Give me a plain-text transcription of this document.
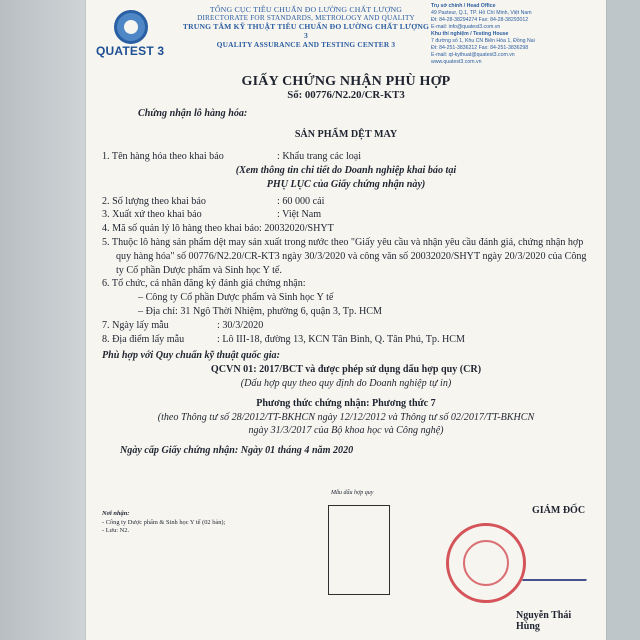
QUATEST 3
TỔNG CỤC TIÊU CHUẨN ĐO LƯỜNG CHẤT LƯỢNG
DIRECTORATE FOR STANDARDS, METROLOGY AND QUALITY
TRUNG TÂM KỸ THUẬT TIÊU CHUẨN ĐO LƯỜNG CHẤT LƯỢNG 3
QUALITY ASSURANCE AND TESTING CENTER 3
Trụ sở chính / Head Office
49 Pasteur, Q.1, TP. Hồ Chí Minh, Việt Nam
Đt: 84-28-38294274 Fax: 84-28-38293012
E-mail: info@quatest3.com.vn
Khu thí nghiệm / Testing House
7 đường số 1, Khu CN Biên Hòa 1, Đồng Nai
Đt: 84-251-3836212 Fax: 84-251-3836298
E-mail: qt-kythuat@quatest3.com.vn
www.quatest3.com.vn
GIẤY CHỨNG NHẬN PHÙ HỢP
Số: 00776/N2.20/CR-KT3
Chứng nhận lô hàng hóa:
SẢN PHẨM DỆT MAY
1. Tên hàng hóa theo khai báo	: Khẩu trang các loại
(Xem thông tin chi tiết do Doanh nghiệp khai báo tại
PHỤ LỤC của Giấy chứng nhận này)
2. Số lượng theo khai báo	: 60 000 cái
3. Xuất xứ theo khai báo	: Việt Nam
4. Mã số quản lý lô hàng theo khai báo: 20032020/SHYT
5. Thuộc lô hàng sản phẩm dệt may sản xuất trong nước theo "Giấy yêu cầu và nhận yêu cầu đánh giá, chứng nhận hợp quy hàng hóa" số 00776/N2.20/CR-KT3 ngày 30/3/2020 và công văn số 20032020/SHYT ngày 20/3/2020 của Công ty Cổ phần Dược phẩm và Sinh học Y tế.
6. Tổ chức, cá nhân đăng ký đánh giá chứng nhận:
– Công ty Cổ phần Dược phẩm và Sinh học Y tế
– Địa chỉ: 31 Ngô Thời Nhiệm, phường 6, quận 3, Tp. HCM
7. Ngày lấy mẫu	: 30/3/2020
8. Địa điểm lấy mẫu	: Lô III-18, đường 13, KCN Tân Bình, Q. Tân Phú, Tp. HCM
Phù hợp với Quy chuẩn kỹ thuật quốc gia:
QCVN 01: 2017/BCT và được phép sử dụng dấu hợp quy (CR)
(Dấu hợp quy theo quy định do Doanh nghiệp tự in)
Phương thức chứng nhận: Phương thức 7
(theo Thông tư số 28/2012/TT-BKHCN ngày 12/12/2012 và Thông tư số 02/2017/TT-BKHCN
ngày 31/3/2017 của Bộ khoa học và Công nghệ)
Ngày cấp Giấy chứng nhận: Ngày 01 tháng 4 năm 2020
Mẫu dấu hợp quy
Nơi nhận:
- Công ty Dược phẩm & Sinh học Y tế (02 bản);
- Lưu: N2.
GIÁM ĐỐC
Nguyễn Thái Hùng
